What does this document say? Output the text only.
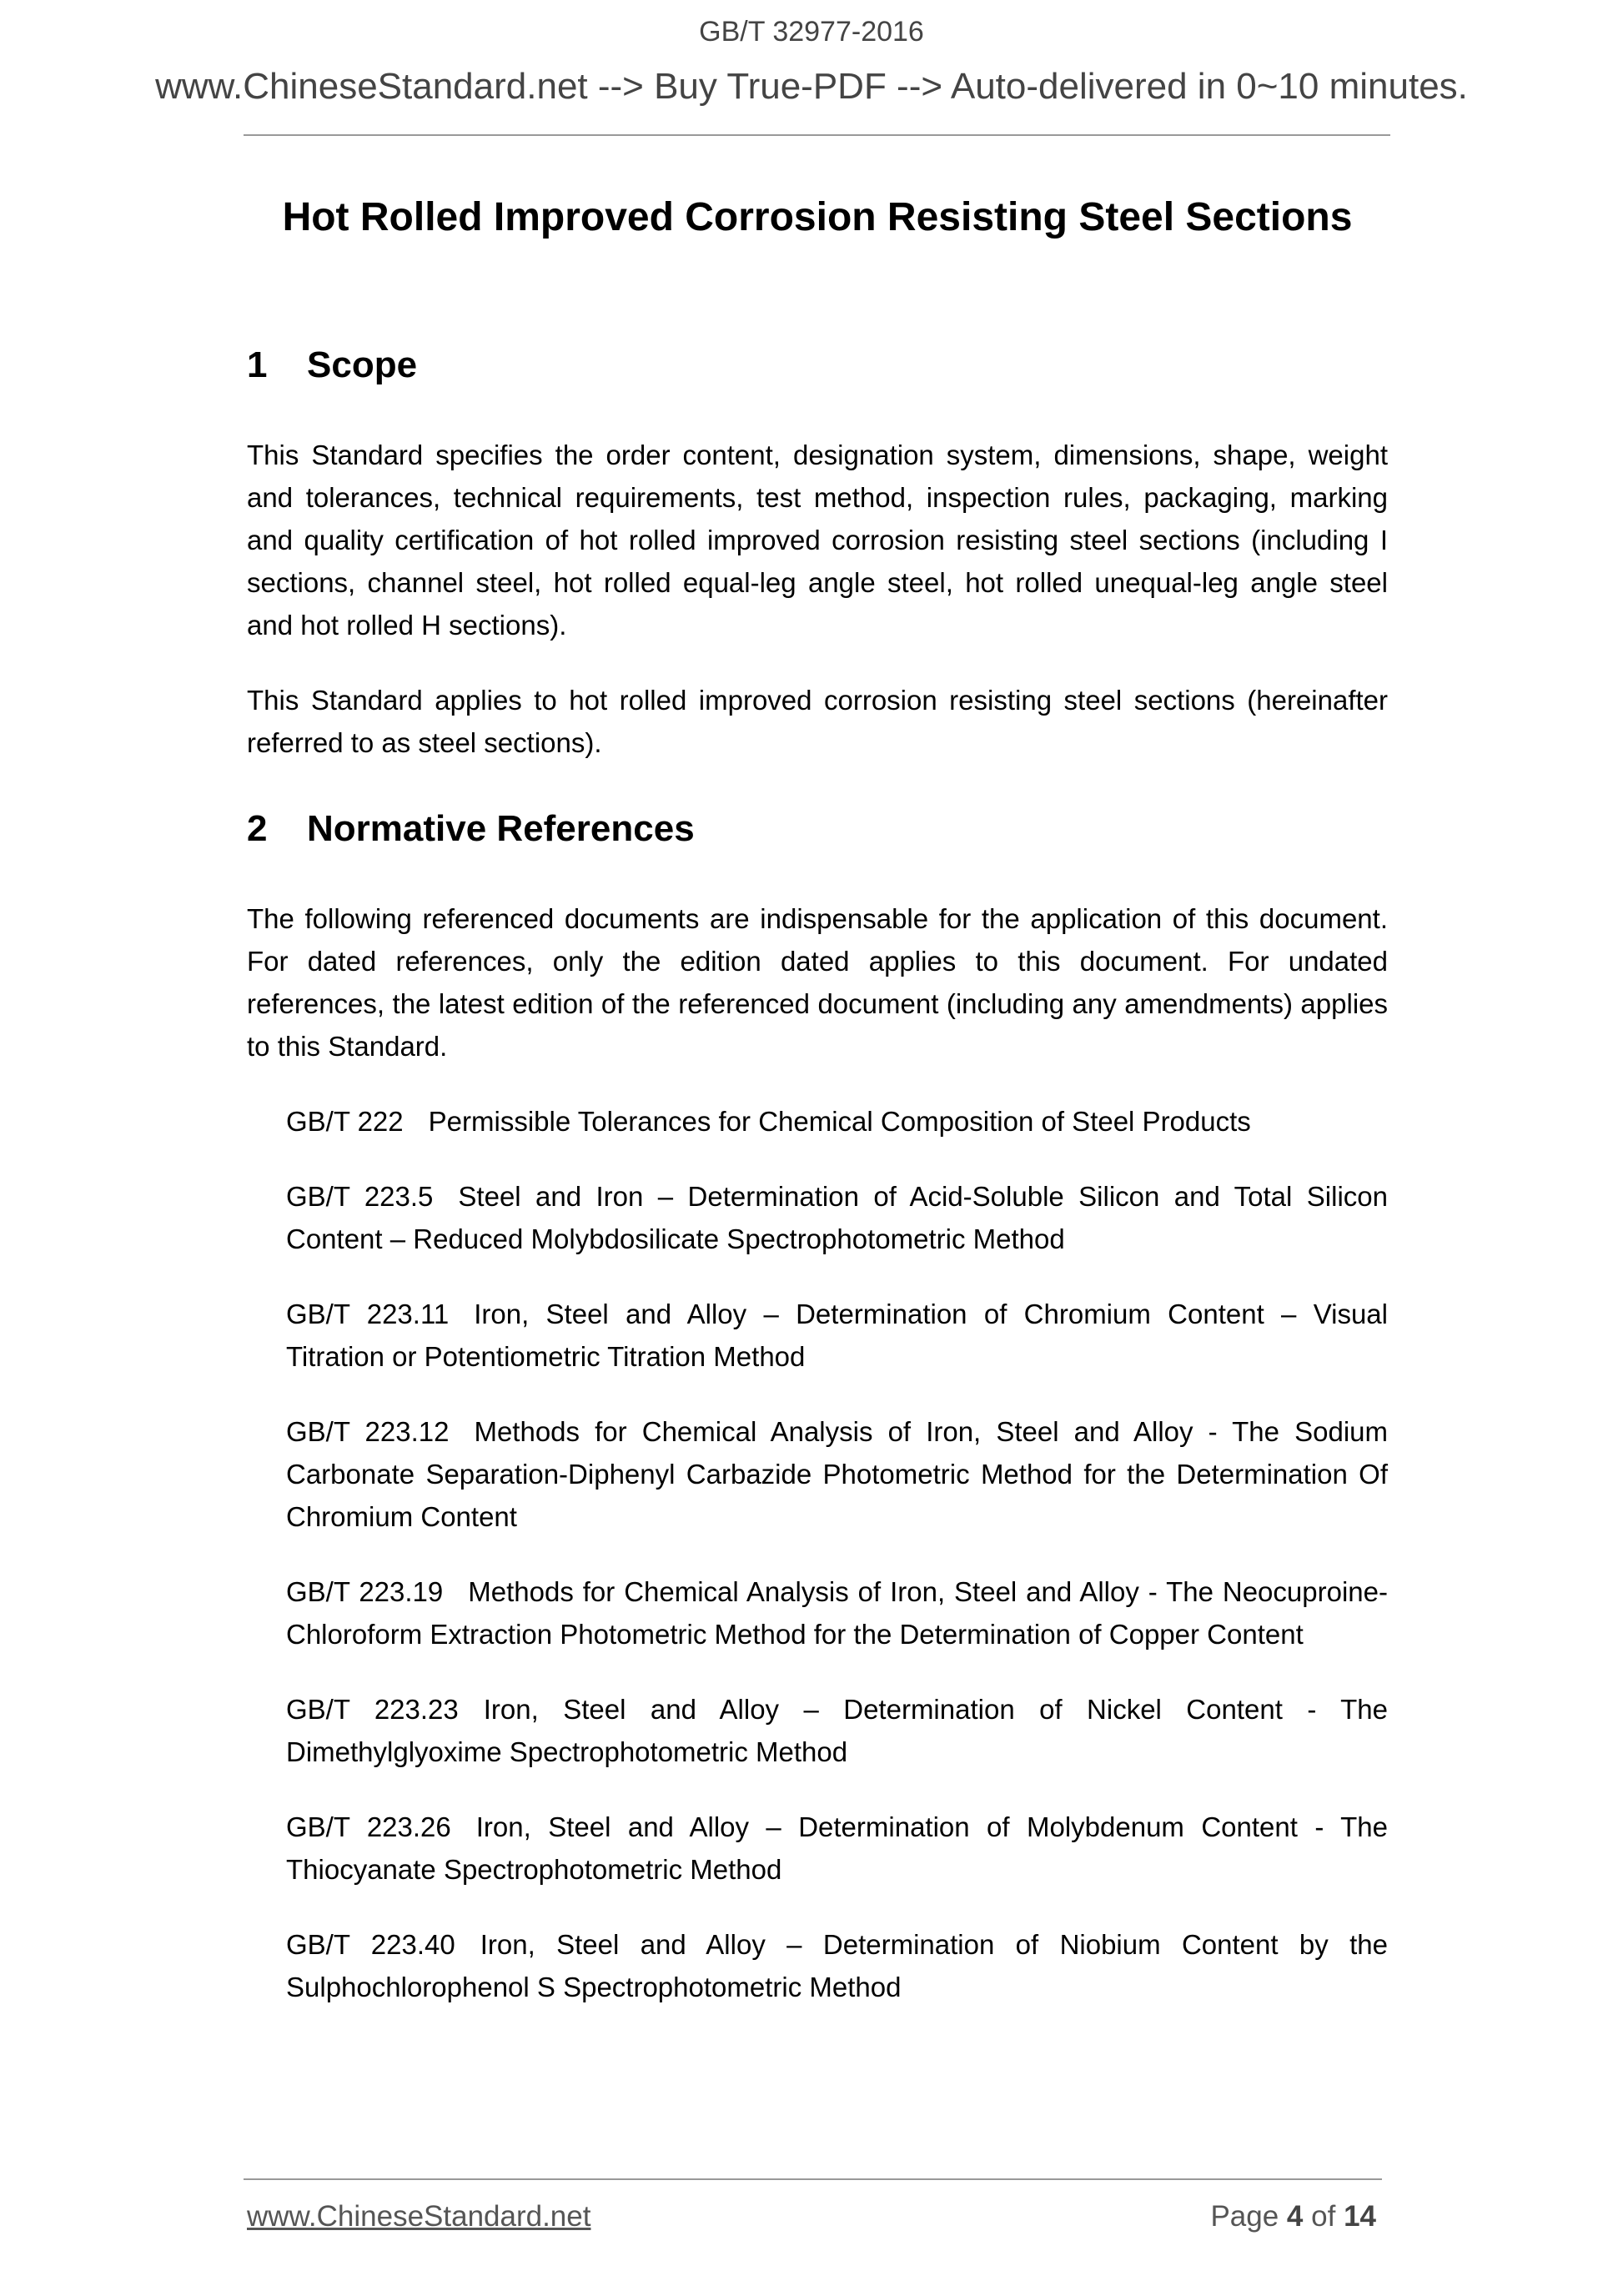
GB/T 32977-2016
www.ChineseStandard.net --> Buy True-PDF --> Auto-delivered in 0~10 minutes.
Hot Rolled Improved Corrosion Resisting Steel Sections
1 Scope

This Standard specifies the order content, designation system, dimensions, shape, weight and tolerances, technical requirements, test method, inspection rules, packaging, marking and quality certification of hot rolled improved corrosion resisting steel sections (including I sections, channel steel, hot rolled equal-leg angle steel, hot rolled unequal-leg angle steel and hot rolled H sections).

This Standard applies to hot rolled improved corrosion resisting steel sections (hereinafter referred to as steel sections).

2 Normative References

The following referenced documents are indispensable for the application of this document. For dated references, only the edition dated applies to this document. For undated references, the latest edition of the referenced document (including any amendments) applies to this Standard.

GB/T 222 Permissible Tolerances for Chemical Composition of Steel Products

GB/T 223.5 Steel and Iron – Determination of Acid-Soluble Silicon and Total Silicon Content – Reduced Molybdosilicate Spectrophotometric Method

GB/T 223.11 Iron, Steel and Alloy – Determination of Chromium Content – Visual Titration or Potentiometric Titration Method

GB/T 223.12 Methods for Chemical Analysis of Iron, Steel and Alloy - The Sodium Carbonate Separation-Diphenyl Carbazide Photometric Method for the Determination Of Chromium Content

GB/T 223.19 Methods for Chemical Analysis of Iron, Steel and Alloy - The Neocuproine-Chloroform Extraction Photometric Method for the Determination of Copper Content

GB/T 223.23 Iron, Steel and Alloy – Determination of Nickel Content - The Dimethylglyoxime Spectrophotometric Method

GB/T 223.26 Iron, Steel and Alloy – Determination of Molybdenum Content - The Thiocyanate Spectrophotometric Method

GB/T 223.40 Iron, Steel and Alloy – Determination of Niobium Content by the Sulphochlorophenol S Spectrophotometric Method

www.ChineseStandard.net	Page 4 of 14
